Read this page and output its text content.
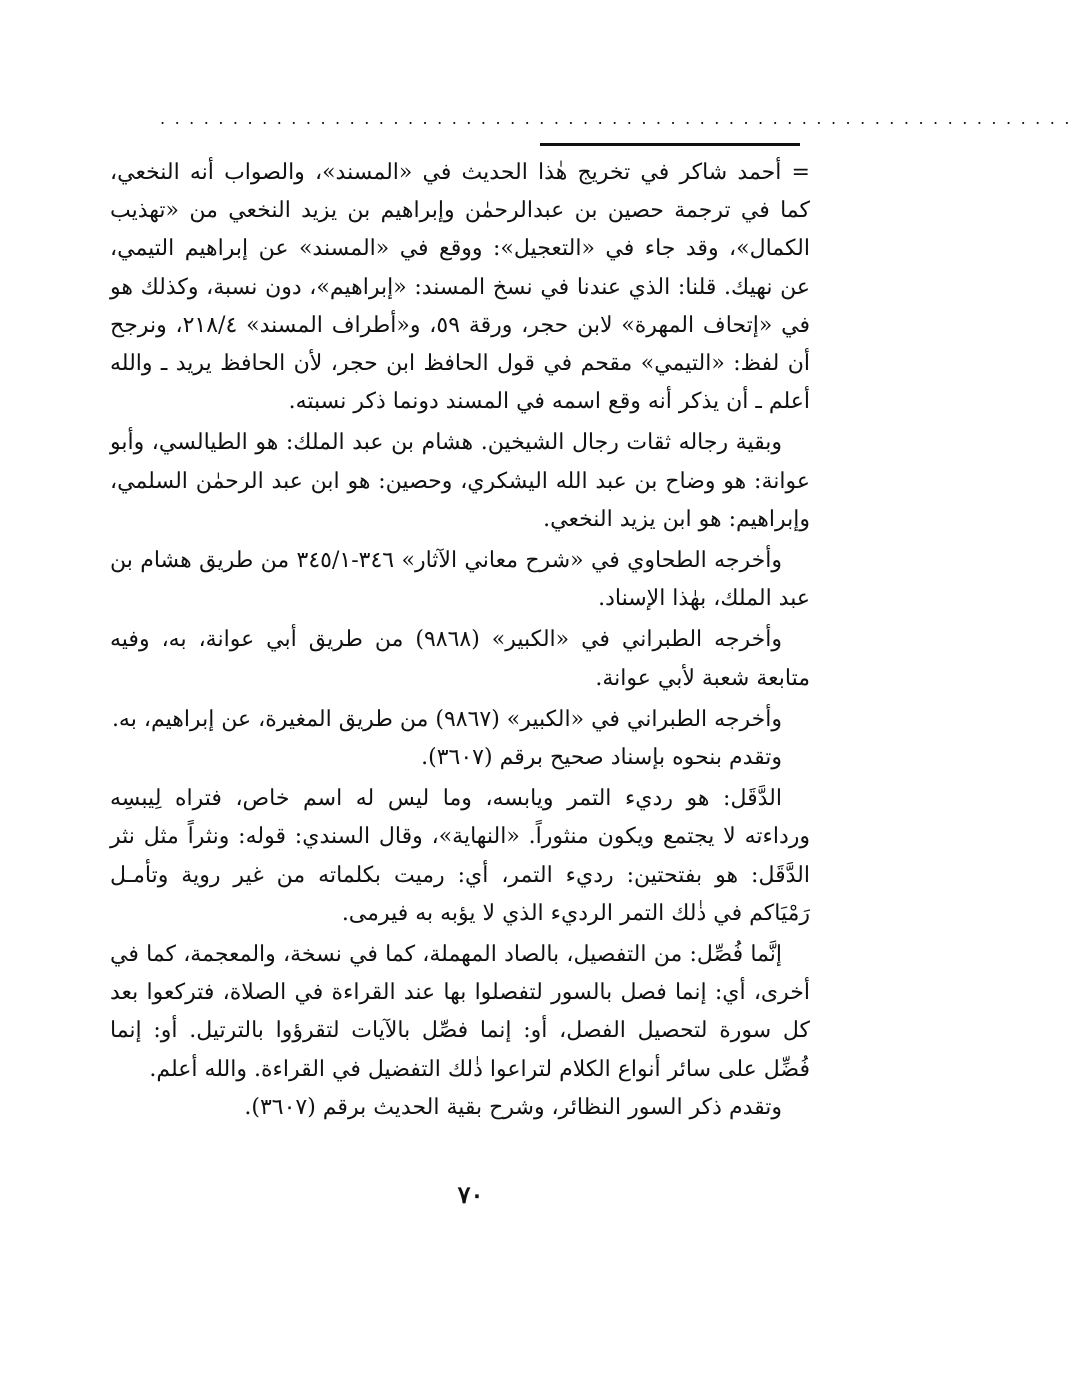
...............................................................

= أحمد شاكر في تخريج هٰذا الحديث في «المسند»، والصواب أنه النخعي، كما في ترجمة حصين بن عبدالرحمٰن وإبراهيم بن يزيد النخعي من «تهذيب الكمال»، وقد جاء في «التعجيل»: ووقع في «المسند» عن إبراهيم التيمي، عن نهيك. قلنا: الذي عندنا في نسخ المسند: «إبراهيم»، دون نسبة، وكذلك هو في «إتحاف المهرة» لابن حجر، ورقة ٥٩، و«أطراف المسند» ٢١٨/٤، ونرجح أن لفظ: «التيمي» مقحم في قول الحافظ ابن حجر، لأن الحافظ يريد ـ والله أعلم ـ أن يذكر أنه وقع اسمه في المسند دونما ذكر نسبته.

وبقية رجاله ثقات رجال الشيخين. هشام بن عبد الملك: هو الطيالسي، وأبو عوانة: هو وضاح بن عبد الله اليشكري، وحصين: هو ابن عبد الرحمٰن السلمي، وإبراهيم: هو ابن يزيد النخعي.

وأخرجه الطحاوي في «شرح معاني الآثار» ٣٤٦-٣٤٥/١ من طريق هشام بن عبد الملك، بهٰذا الإسناد.

وأخرجه الطبراني في «الكبير» (٩٨٦٨) من طريق أبي عوانة، به، وفيه متابعة شعبة لأبي عوانة.

وأخرجه الطبراني في «الكبير» (٩٨٦٧) من طريق المغيرة، عن إبراهيم، به.

وتقدم بنحوه بإسناد صحيح برقم (٣٦٠٧).

الدَّقَل: هو رديء التمر ويابسه، وما ليس له اسم خاص، فتراه لِيبسِه ورداءته لا يجتمع ويكون منثوراً. «النهاية»، وقال السندي: قوله: ونثراً مثل نثر الدَّقَل: هو بفتحتين: رديء التمر، أي: رميت بكلماته من غير روية وتأمـل رَمْيَاكم في ذٰلك التمر الرديء الذي لا يؤبه به فيرمى.

إنَّما فُصِّل: من التفصيل، بالصاد المهملة، كما في نسخة، والمعجمة، كما في أخرى، أي: إنما فصل بالسور لتفصلوا بها عند القراءة في الصلاة، فتركعوا بعد كل سورة لتحصيل الفصل، أو: إنما فصِّل بالآيات لتقرؤوا بالترتيل. أو: إنما فُضِّل على سائر أنواع الكلام لتراعوا ذٰلك التفضيل في القراءة. والله أعلم.

وتقدم ذكر السور النظائر، وشرح بقية الحديث برقم (٣٦٠٧).

٧٠
